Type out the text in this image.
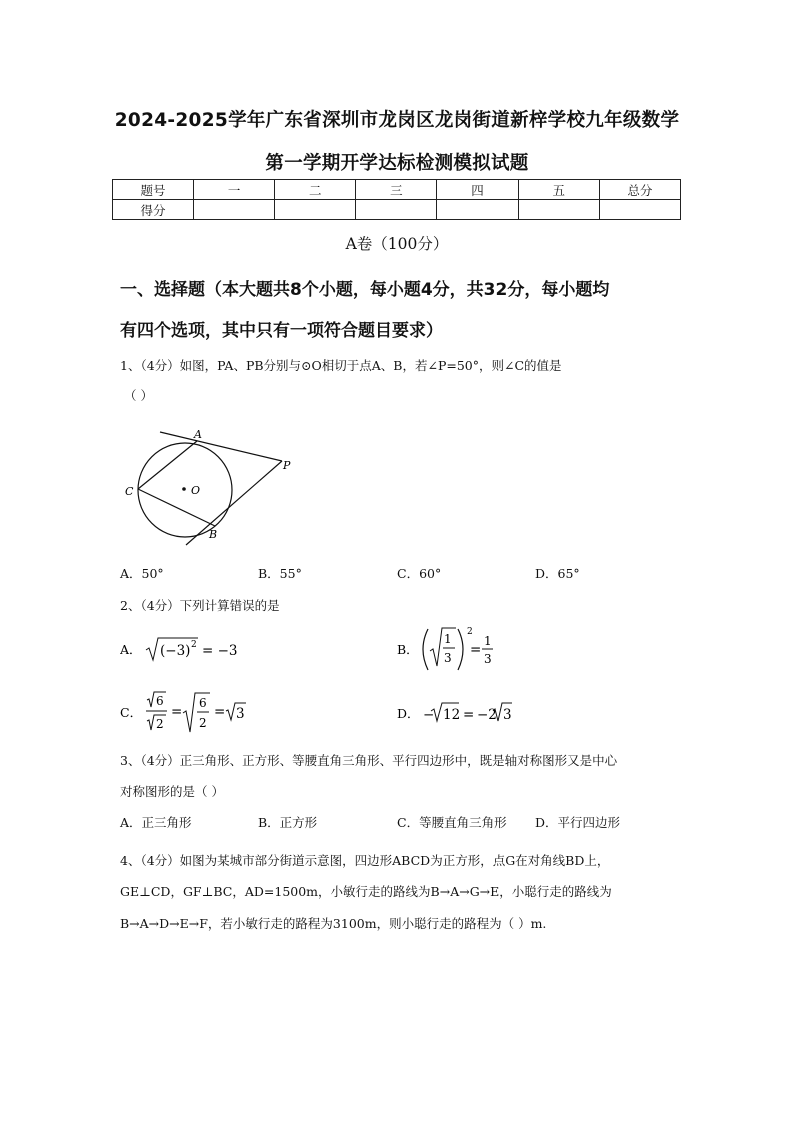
2024-2025学年广东省深圳市龙岗区龙岗街道新梓学校九年级数学
第一学期开学达标检测模拟试题
题号	一	二	三	四	五	总分
得分						
A卷（100分）
一、选择题（本大题共8个小题，每小题4分，共32分，每小题均
有四个选项，其中只有一项符合题目要求）
1、（4分）如图，PA、PB分别与⊙O相切于点A、B，若∠P=50°，则∠C的值是
（ ）
A
P
C	O
B
A．50°	B．55°	C．60°	D．65°
2、（4分）下列计算错误的是
A． (−3) 2 = −3	B．
1
3
2
=
1
3
C．
6
2
=
6
2
= 3	D． − 12 = −2 3
3、（4分）正三角形、正方形、等腰直角三角形、平行四边形中，既是轴对称图形又是中心
对称图形的是（ ）
A．正三角形	B．正方形	C．等腰直角三角形 D．平行四边形
4、（4分）如图为某城市部分街道示意图，四边形ABCD为正方形，点G在对角线BD上，
GE⊥CD，GF⊥BC，AD=1500m，小敏行走的路线为B→A→G→E，小聪行走的路线为
B→A→D→E→F，若小敏行走的路程为3100m，则小聪行走的路程为（ ）m.
